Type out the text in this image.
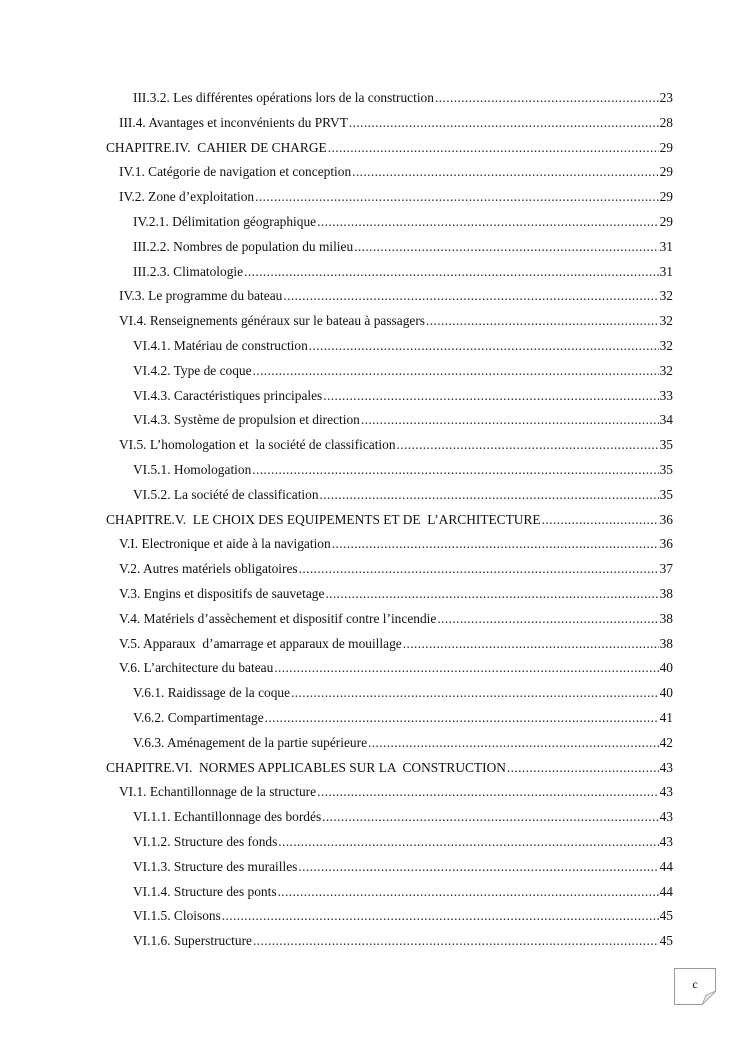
III.3.2. Les différentes opérations lors de la construction .....	23
III.4. Avantages et inconvénients du PRVT .....	28
CHAPITRE.IV.  CAHIER DE CHARGE .....	29
IV.1. Catégorie de navigation et conception .....	29
IV.2. Zone d’exploitation .....	29
IV.2.1. Délimitation géographique .....	29
III.2.2. Nombres de population du milieu .....	31
III.2.3. Climatologie .....	31
IV.3. Le programme du bateau .....	32
VI.4. Renseignements généraux sur le bateau à passagers .....	32
VI.4.1. Matériau de construction .....	32
VI.4.2. Type de coque .....	32
VI.4.3. Caractéristiques principales .....	33
VI.4.3. Système de propulsion et direction .....	34
VI.5. L’homologation et  la société de classification .....	35
VI.5.1. Homologation .....	35
VI.5.2. La société de classification .....	35
CHAPITRE.V.  LE CHOIX DES EQUIPEMENTS ET DE  L’ARCHITECTURE .....	36
V.I. Electronique et aide à la navigation .....	36
V.2. Autres matériels obligatoires .....	37
V.3. Engins et dispositifs de sauvetage .....	38
V.4. Matériels d’assèchement et dispositif contre l’incendie .....	38
V.5. Apparaux  d’amarrage et apparaux de mouillage .....	38
V.6. L’architecture du bateau .....	40
V.6.1. Raidissage de la coque .....	40
V.6.2. Compartimentage .....	41
V.6.3. Aménagement de la partie supérieure .....	42
CHAPITRE.VI.  NORMES APPLICABLES SUR LA  CONSTRUCTION .....	43
VI.1. Echantillonnage de la structure .....	43
VI.1.1. Echantillonnage des bordés .....	43
VI.1.2. Structure des fonds .....	43
VI.1.3. Structure des murailles .....	44
VI.1.4. Structure des ponts .....	44
VI.1.5. Cloisons .....	45
VI.1.6. Superstructure .....	45
c
